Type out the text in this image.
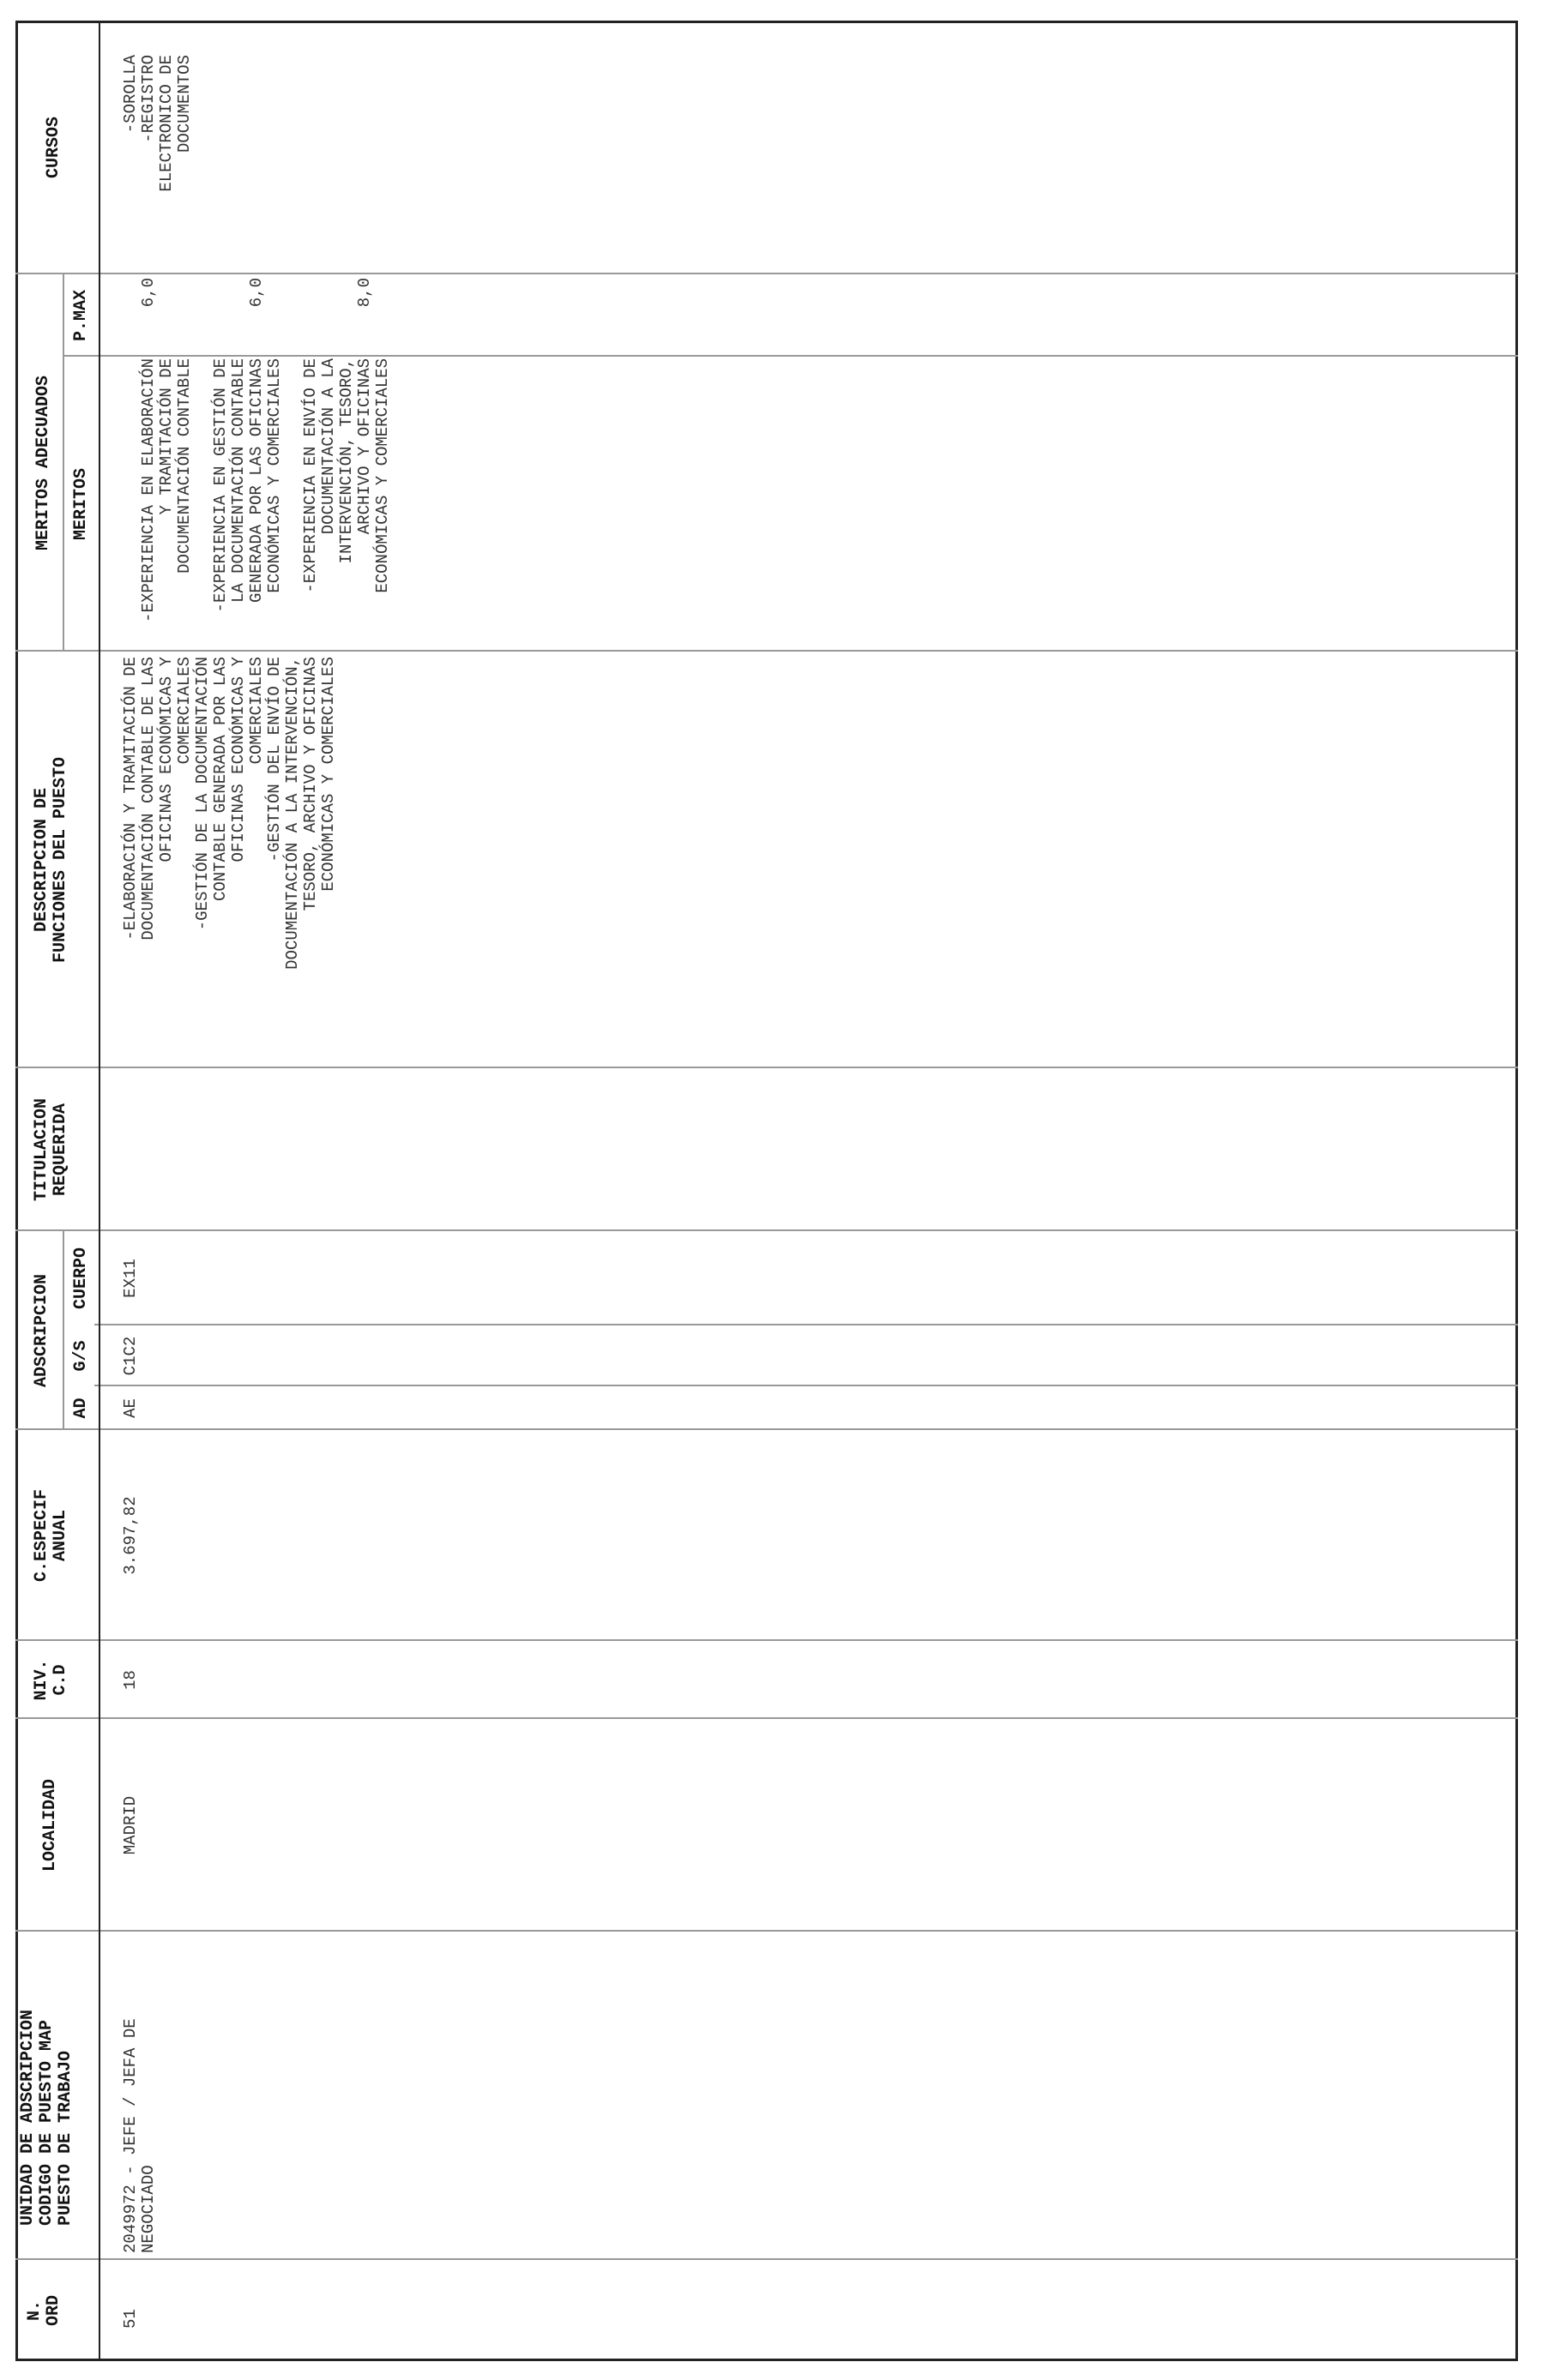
N.
ORD
UNIDAD DE ADSCRIPCION
CODIGO DE PUESTO MAP
PUESTO DE TRABAJO
LOCALIDAD
NIV.
C.D
C.ESPECIF
ANUAL
ADSCRIPCION
AD
G/S
CUERPO
TITULACION
REQUERIDA
DESCRIPCION DE
FUNCIONES DEL PUESTO
MERITOS ADECUADOS MERITOS
P.MAX
CURSOS
51
2049972 - JEFE / JEFA DE
NEGOCIADO
MADRID
18
3.697,82
AE
C1C2
EX11
-ELABORACIÓN Y TRAMITACIÓN DE
DOCUMENTACIÓN CONTABLE DE LAS
OFICINAS ECONÓMICAS Y
COMERCIALES
-GESTIÓN DE LA DOCUMENTACIÓN
CONTABLE GENERADA POR LAS
OFICINAS ECONÓMICAS Y
COMERCIALES
-GESTIÓN DEL ENVÍO DE
DOCUMENTACIÓN A LA INTERVENCIÓN,
TESORO, ARCHIVO Y OFICINAS
ECONÓMICAS Y COMERCIALES

-EXPERIENCIA EN ELABORACIÓN
Y TRAMITACIÓN DE
DOCUMENTACIÓN CONTABLE

-EXPERIENCIA EN GESTIÓN DE
LA DOCUMENTACIÓN CONTABLE
GENERADA POR LAS OFICINAS
ECONÓMICAS Y COMERCIALES

-EXPERIENCIA EN ENVÍO DE
DOCUMENTACIÓN A LA
INTERVENCIÓN, TESORO,
ARCHIVO Y OFICINAS
ECONÓMICAS Y COMERCIALES

6,0	6,0	8,0

-SOROLLA
-REGISTRO
ELECTRONICO DE
DOCUMENTOS
